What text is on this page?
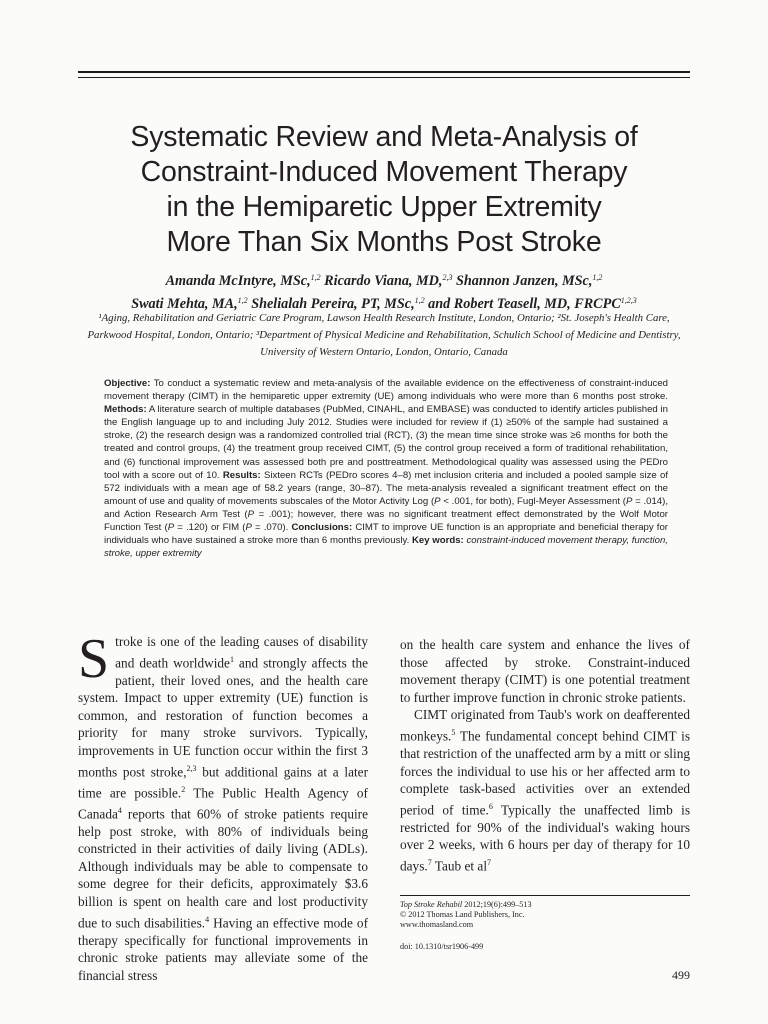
Systematic Review and Meta-Analysis of
Constraint-Induced Movement Therapy
in the Hemiparetic Upper Extremity
More Than Six Months Post Stroke
Amanda McIntyre, MSc,$^{1,2}$ Ricardo Viana, MD,$^{2,3}$ Shannon Janzen, MSc,$^{1,2}$
Swati Mehta, MA,$^{1,2}$ Shelialah Pereira, PT, MSc,$^{1,2}$ and Robert Teasell, MD, FRCPC$^{1,2,3}$
¹Aging, Rehabilitation and Geriatric Care Program, Lawson Health Research Institute, London, Ontario; ²St. Joseph's Health Care,
Parkwood Hospital, London, Ontario; ³Department of Physical Medicine and Rehabilitation, Schulich School of Medicine and Dentistry,
University of Western Ontario, London, Ontario, Canada
Objective: To conduct a systematic review and meta-analysis of the available evidence on the effectiveness of constraint-induced movement therapy (CIMT) in the hemiparetic upper extremity (UE) among individuals who were more than 6 months post stroke. Methods: A literature search of multiple databases (PubMed, CINAHL, and EMBASE) was conducted to identify articles published in the English language up to and including July 2012. Studies were included for review if (1) ≥50% of the sample had sustained a stroke, (2) the research design was a randomized controlled trial (RCT), (3) the mean time since stroke was ≥6 months for both the treated and control groups, (4) the treatment group received CIMT, (5) the control group received a form of traditional rehabilitation, and (6) functional improvement was assessed both pre and posttreatment. Methodological quality was assessed using the PEDro tool with a score out of 10. Results: Sixteen RCTs (PEDro scores 4–8) met inclusion criteria and included a pooled sample size of 572 individuals with a mean age of 58.2 years (range, 30–87). The meta-analysis revealed a significant treatment effect on the amount of use and quality of movements subscales of the Motor Activity Log (P < .001, for both), Fugl-Meyer Assessment (P = .014), and Action Research Arm Test (P = .001); however, there was no significant treatment effect demonstrated by the Wolf Motor Function Test (P = .120) or FIM (P = .070). Conclusions: CIMT to improve UE function is an appropriate and beneficial therapy for individuals who have sustained a stroke more than 6 months previously. Key words: constraint-induced movement therapy, function, stroke, upper extremity

Stroke is one of the leading causes of disability and death worldwide$^1$ and strongly affects the patient, their loved ones, and the health care system. Impact to upper extremity (UE) function is common, and restoration of function becomes a priority for many stroke survivors. Typically, improvements in UE function occur within the first 3 months post stroke,$^{2,3}$ but additional gains at a later time are possible.$^2$ The Public Health Agency of Canada$^4$ reports that 60% of stroke patients require help post stroke, with 80% of individuals being constricted in their activities of daily living (ADLs). Although individuals may be able to compensate to some degree for their deficits, approximately $3.6 billion is spent on health care and lost productivity due to such disabilities.$^4$ Having an effective mode of therapy specifically for functional improvements in chronic stroke patients may alleviate some of the financial stress

on the health care system and enhance the lives of those affected by stroke. Constraint-induced movement therapy (CIMT) is one potential treatment to further improve function in chronic stroke patients.

CIMT originated from Taub's work on deafferented monkeys.$^5$ The fundamental concept behind CIMT is that restriction of the unaffected arm by a mitt or sling forces the individual to use his or her affected arm to complete task-based activities over an extended period of time.$^6$ Typically the unaffected limb is restricted for 90% of the individual's waking hours over 2 weeks, with 6 hours per day of therapy for 10 days.$^7$ Taub et $al^7$

Top Stroke Rehabil 2012;19(6):499–513
© 2012 Thomas Land Publishers, Inc.
www.thomasland.com
doi: 10.1310/tsr1906-499
499
